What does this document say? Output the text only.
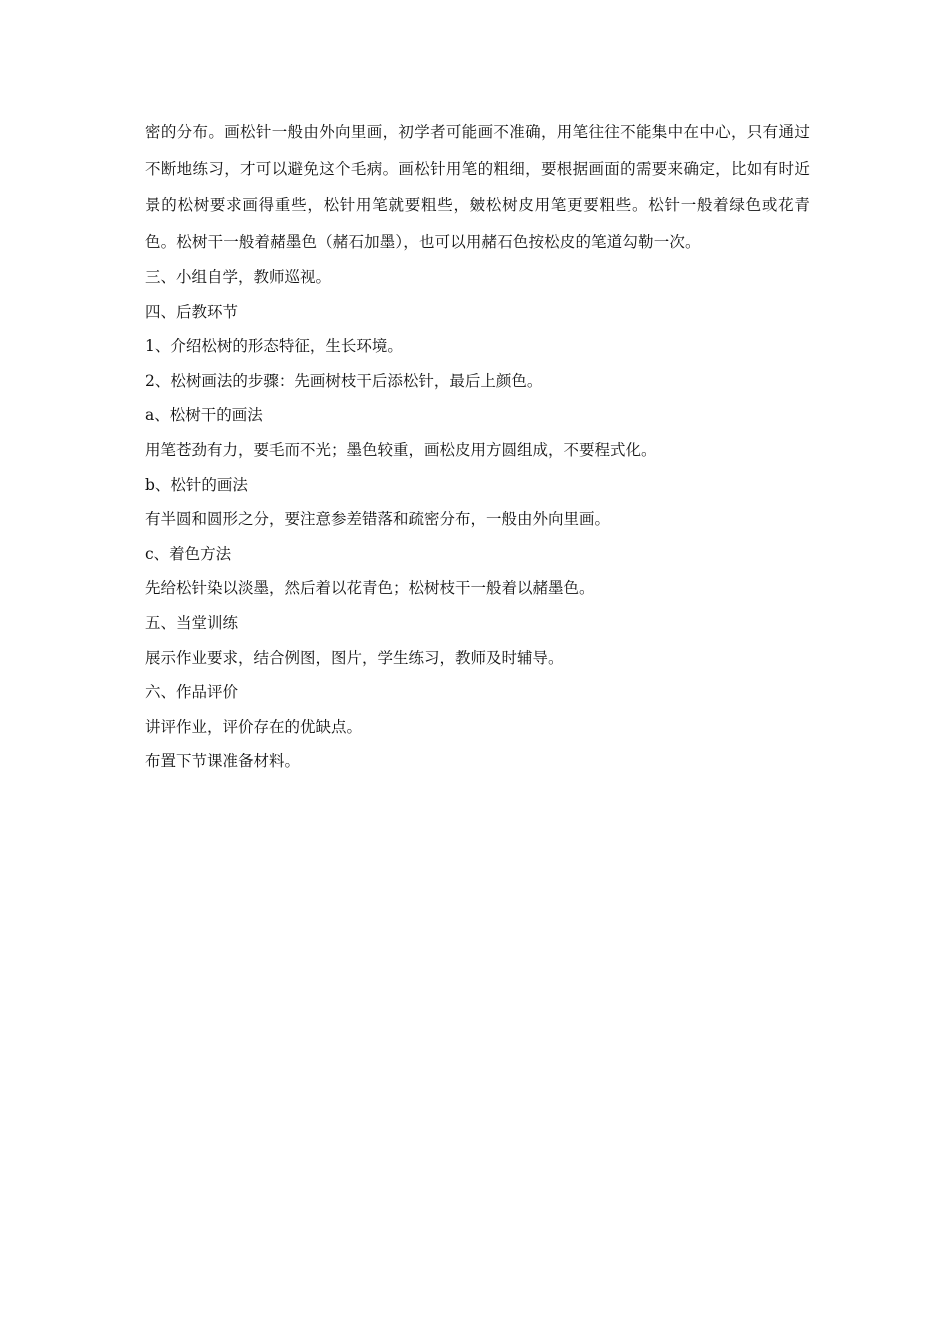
密的分布。画松针一般由外向里画，初学者可能画不准确，用笔往往不能集中在中心，只有通过不断地练习，才可以避免这个毛病。画松针用笔的粗细，要根据画面的需要来确定，比如有时近景的松树要求画得重些，松针用笔就要粗些，皴松树皮用笔更要粗些。松针一般着绿色或花青色。松树干一般着赭墨色（赭石加墨），也可以用赭石色按松皮的笔道勾勒一次。

三、小组自学，教师巡视。

四、后教环节

1、介绍松树的形态特征，生长环境。

2、松树画法的步骤：先画树枝干后添松针，最后上颜色。

a、松树干的画法

用笔苍劲有力，要毛而不光；墨色较重，画松皮用方圆组成，不要程式化。

b、松针的画法

有半圆和圆形之分，要注意参差错落和疏密分布，一般由外向里画。

c、着色方法

先给松针染以淡墨，然后着以花青色；松树枝干一般着以赭墨色。

五、当堂训练

展示作业要求，结合例图，图片，学生练习，教师及时辅导。

六、作品评价

讲评作业，评价存在的优缺点。

布置下节课准备材料。
